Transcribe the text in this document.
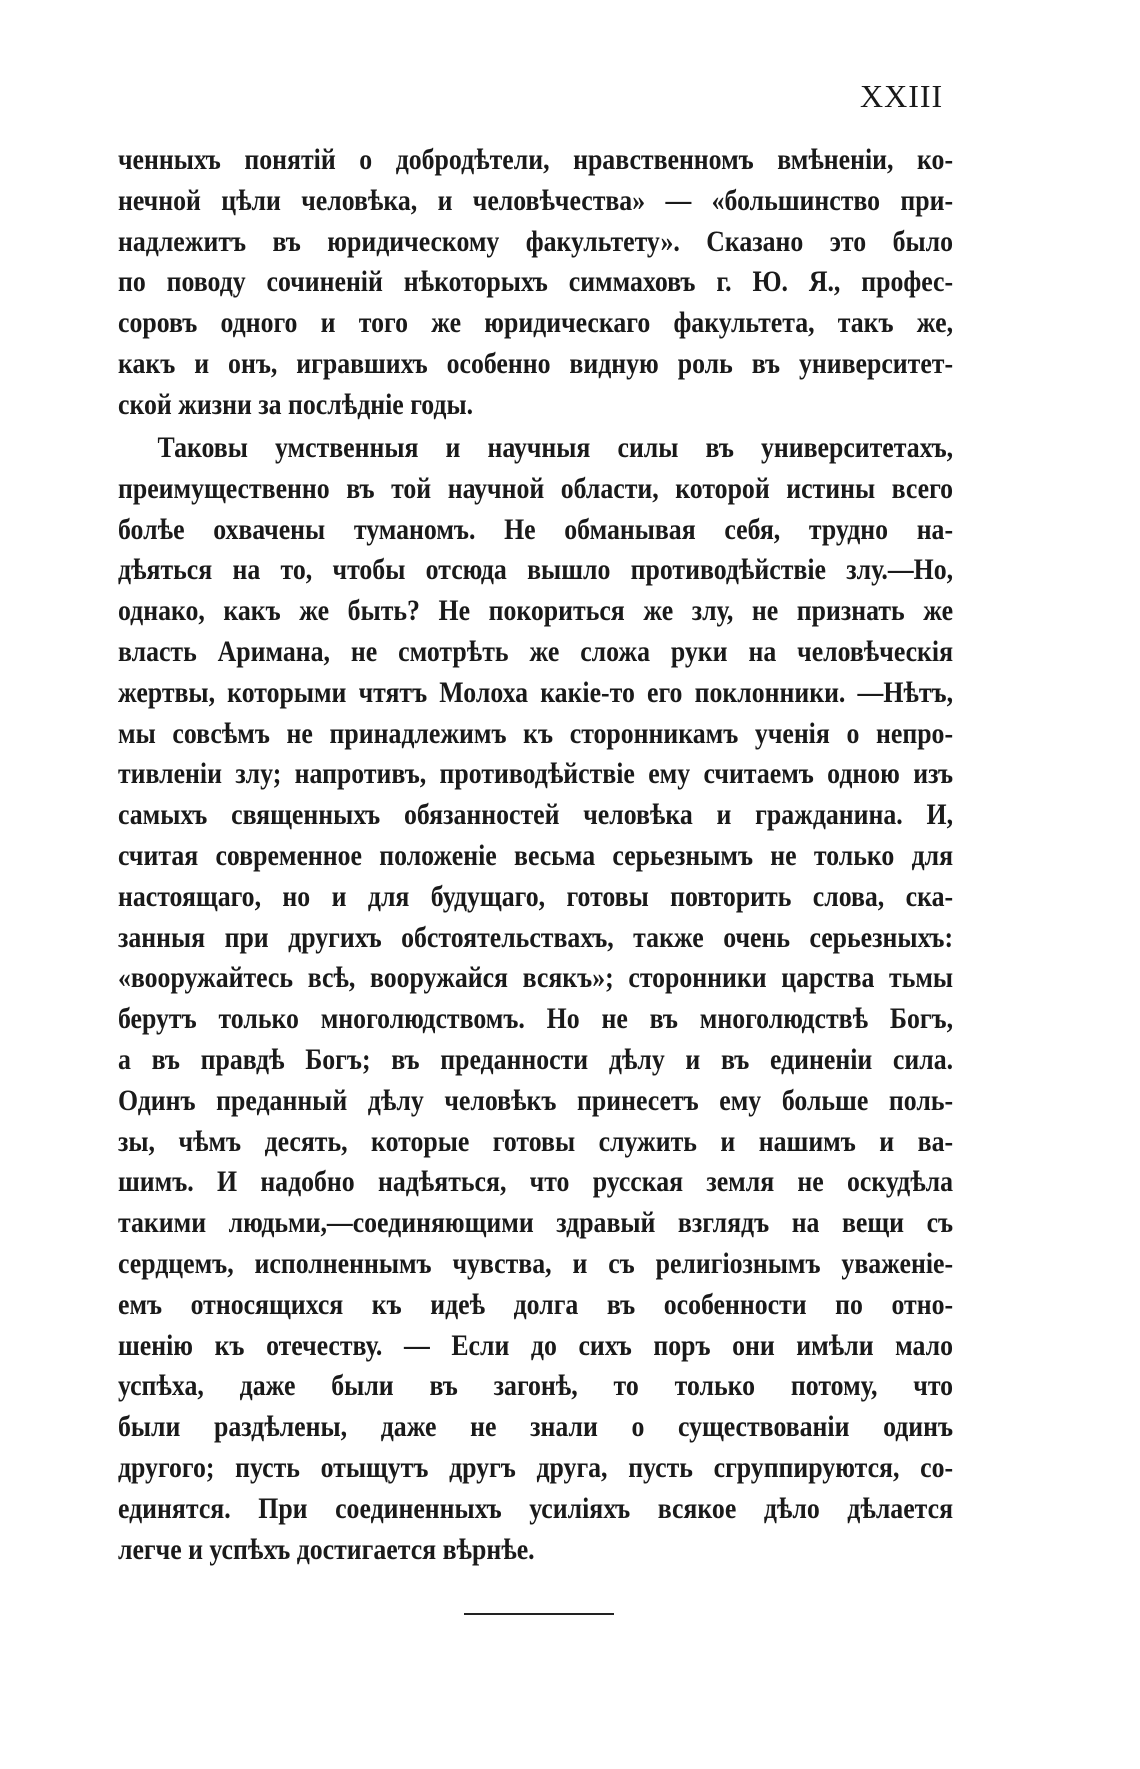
XXIII
ченныхъ понятій о добродѣтели, нравственномъ вмѣненіи, ко-
нечной цѣли человѣка, и человѣчества» — «большинство при-
надлежитъ въ юридическому факультету». Сказано это было
по поводу сочиненій нѣкоторыхъ симмаховъ г. Ю. Я., профес-
соровъ одного и того же юридическаго факультета, такъ же,
какъ и онъ, игравшихъ особенно видную роль въ университет-
ской жизни за послѣдніе годы.
Таковы умственныя и научныя силы въ университетахъ,
преимущественно въ той научной области, которой истины всего
болѣе охвачены туманомъ. Не обманывая себя, трудно на-
дѣяться на то, чтобы отсюда вышло противодѣйствіе злу.—Но,
однако, какъ же быть? Не покориться же злу, не признать же
власть Аримана, не смотрѣть же сложа руки на человѣческія
жертвы, которыми чтятъ Молоха какіе-то его поклонники. —Нѣтъ,
мы совсѣмъ не принадлежимъ къ сторонникамъ ученія о непро-
тивленіи злу; напротивъ, противодѣйствіе ему считаемъ одною изъ
самыхъ священныхъ обязанностей человѣка и гражданина. И,
считая современное положеніе весьма серьезнымъ не только для
настоящаго, но и для будущаго, готовы повторить слова, ска-
занныя при другихъ обстоятельствахъ, также очень серьезныхъ:
«вооружайтесь всѣ, вооружайся всякъ»; сторонники царства тьмы
берутъ только многолюдствомъ. Но не въ многолюдствѣ Богъ,
а въ правдѣ Богъ; въ преданности дѣлу и въ единеніи сила.
Одинъ преданный дѣлу человѣкъ принесетъ ему больше поль-
зы, чѣмъ десять, которые готовы служить и нашимъ и ва-
шимъ. И надобно надѣяться, что русская земля не оскудѣла
такими людьми,—соединяющими здравый взглядъ на вещи съ
сердцемъ, исполненнымъ чувства, и съ религіознымъ уваженіе-
емъ относящихся къ идеѣ долга въ особенности по отно-
шенію къ отечеству. — Если до сихъ поръ они имѣли мало
успѣха, даже были въ загонѣ, то только потому, что
были раздѣлены, даже не знали о существованіи одинъ
другого; пусть отыщутъ другъ друга, пусть сгруппируются, со-
единятся. При соединенныхъ усиліяхъ всякое дѣло дѣлается
легче и успѣхъ достигается вѣрнѣе.
